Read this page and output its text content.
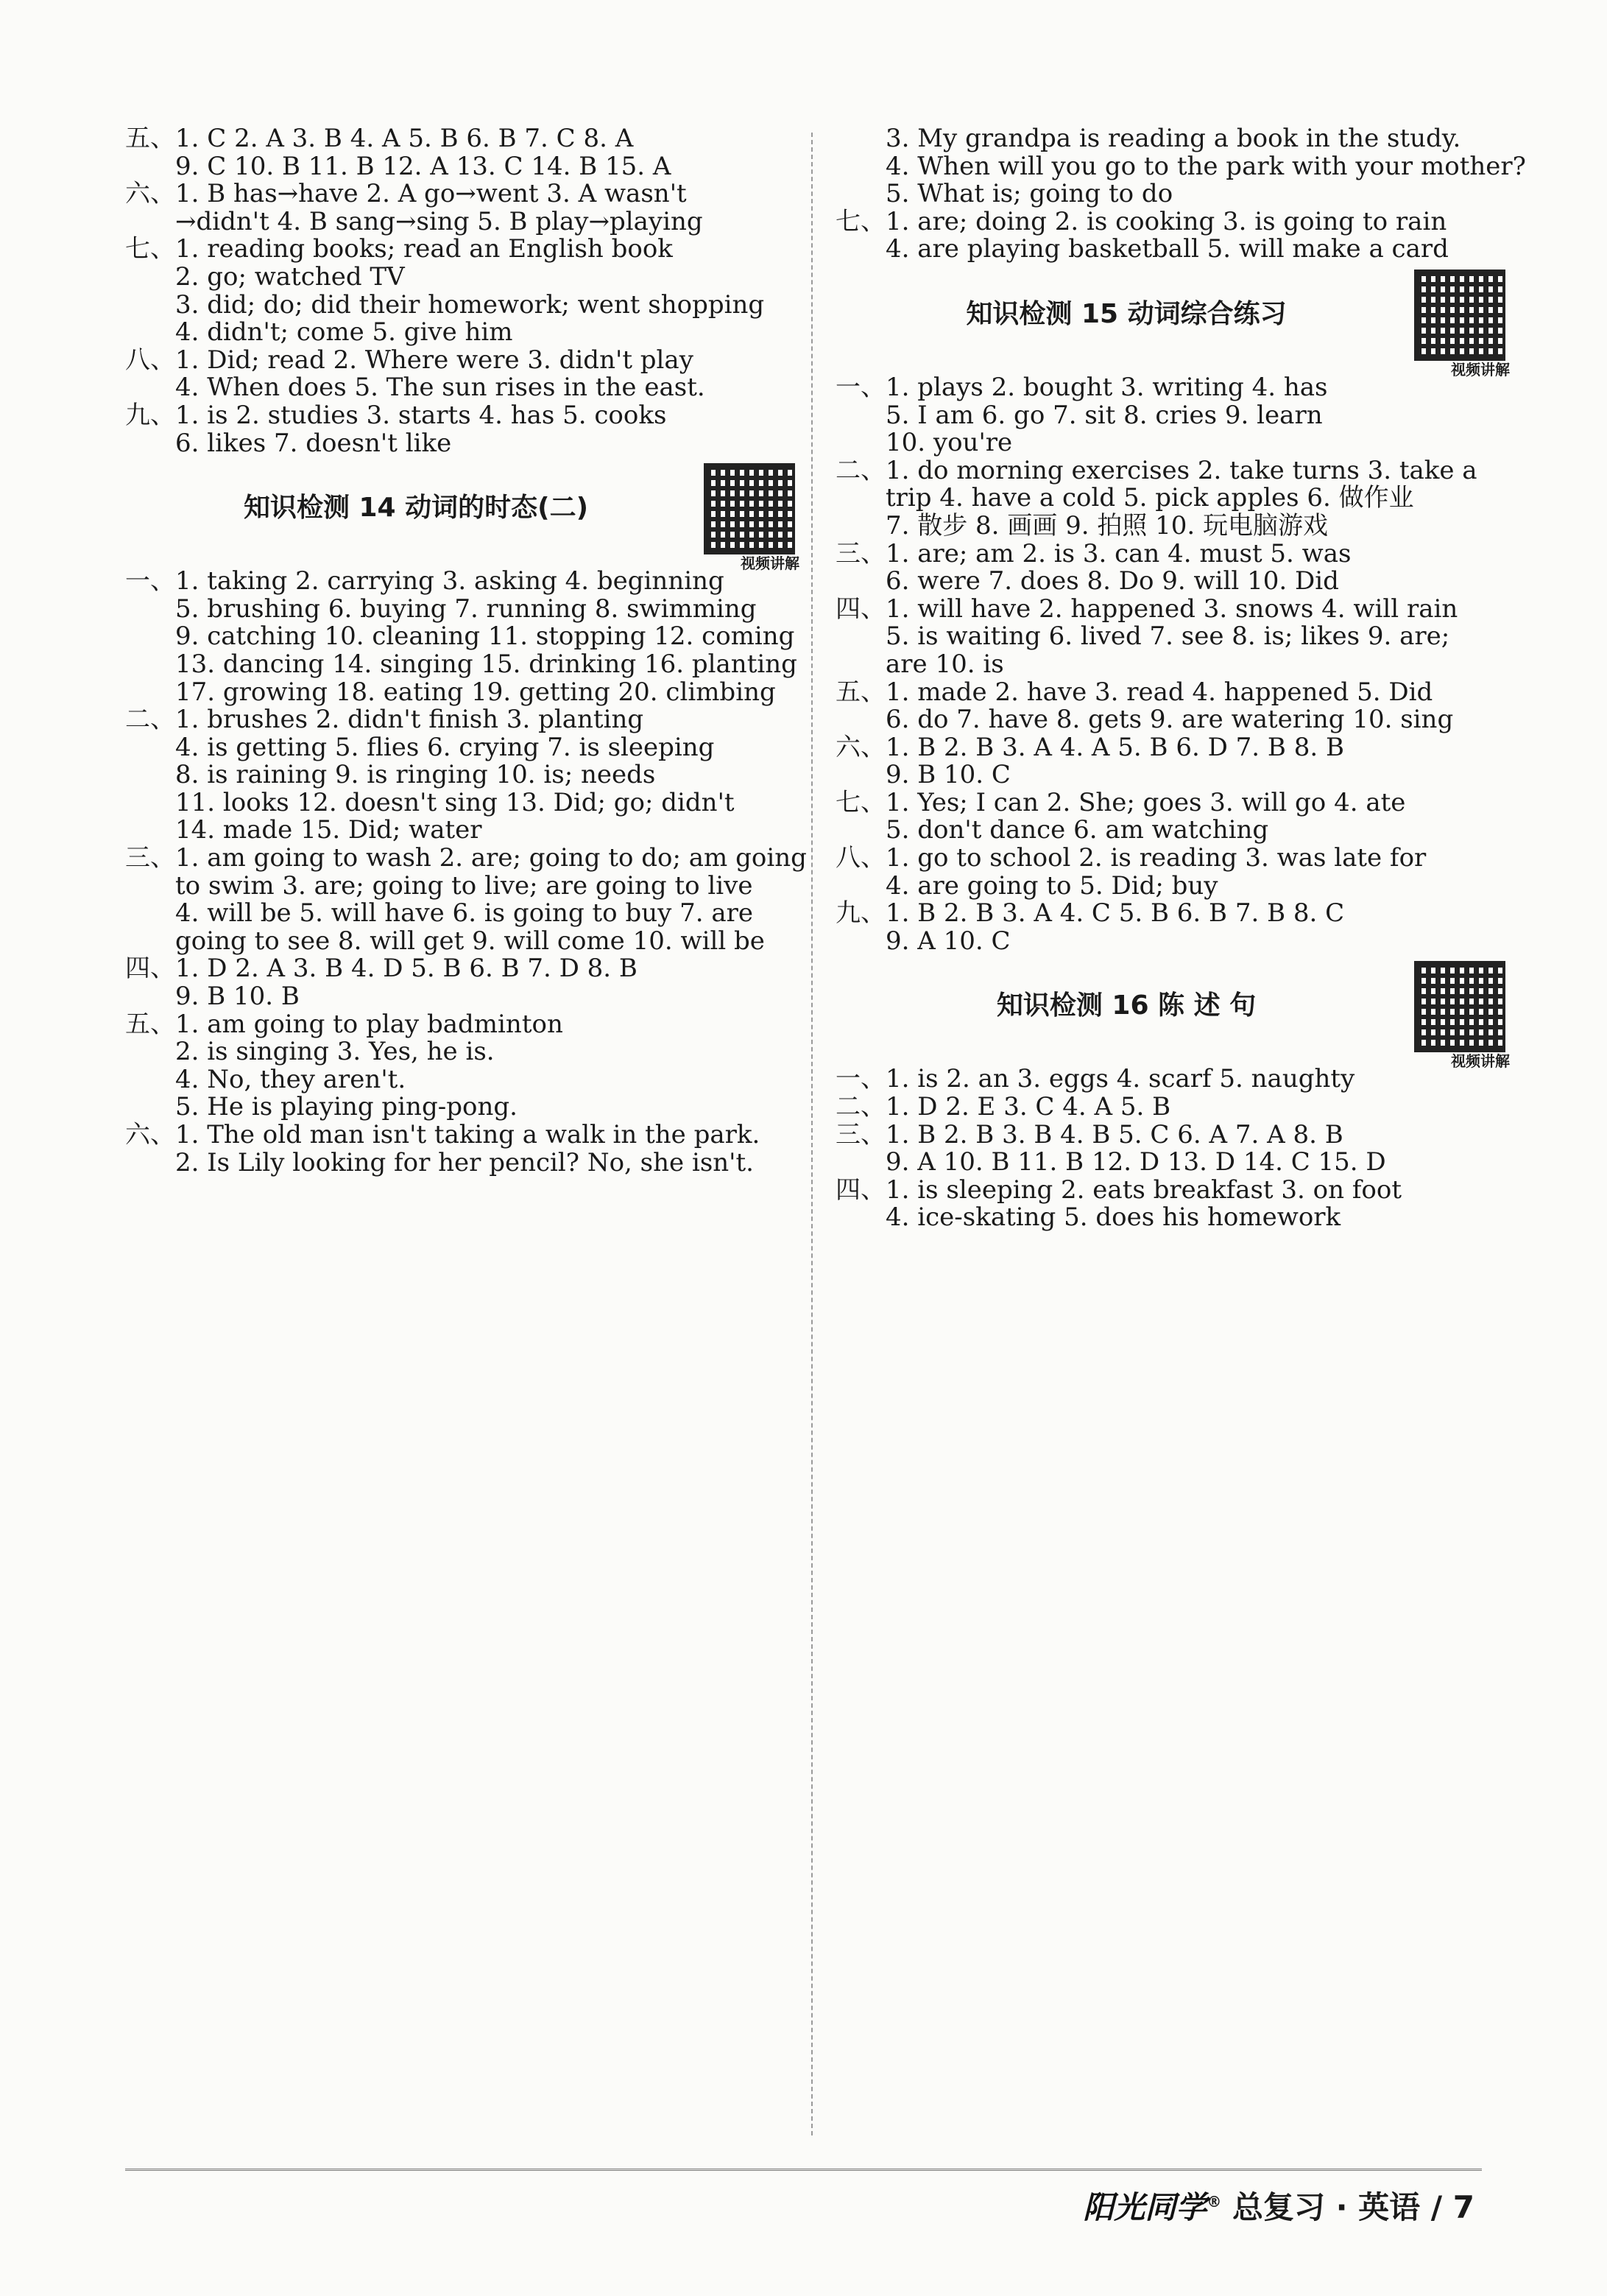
五、1. C 2. A 3. B 4. A 5. B 6. B 7. C 8. A

9. C 10. B 11. B 12. A 13. C 14. B 15. A

六、1. B has→have 2. A go→went 3. A wasn't

→didn't 4. B sang→sing 5. B play→playing

七、1. reading books; read an English book

2. go; watched TV

3. did; do; did their homework; went shopping

4. didn't; come 5. give him

八、1. Did; read 2. Where were 3. didn't play

4. When does 5. The sun rises in the east.

九、1. is 2. studies 3. starts 4. has 5. cooks

6. likes 7. doesn't like

知识检测 14 动词的时态(二)
视频讲解

一、1. taking 2. carrying 3. asking 4. beginning

5. brushing 6. buying 7. running 8. swimming

9. catching 10. cleaning 11. stopping 12. coming

13. dancing 14. singing 15. drinking 16. planting

17. growing 18. eating 19. getting 20. climbing

二、1. brushes 2. didn't finish 3. planting

4. is getting 5. flies 6. crying 7. is sleeping

8. is raining 9. is ringing 10. is; needs

11. looks 12. doesn't sing 13. Did; go; didn't

14. made 15. Did; water

三、1. am going to wash 2. are; going to do; am going

to swim 3. are; going to live; are going to live

4. will be 5. will have 6. is going to buy 7. are

going to see 8. will get 9. will come 10. will be

四、1. D 2. A 3. B 4. D 5. B 6. B 7. D 8. B

9. B 10. B

五、1. am going to play badminton

2. is singing 3. Yes, he is.

4. No, they aren't.

5. He is playing ping-pong.

六、1. The old man isn't taking a walk in the park.

2. Is Lily looking for her pencil? No, she isn't.

3. My grandpa is reading a book in the study.

4. When will you go to the park with your mother?

5. What is; going to do

七、1. are; doing 2. is cooking 3. is going to rain

4. are playing basketball 5. will make a card

知识检测 15 动词综合练习
视频讲解

一、1. plays 2. bought 3. writing 4. has

5. I am 6. go 7. sit 8. cries 9. learn

10. you're

二、1. do morning exercises 2. take turns 3. take a

trip 4. have a cold 5. pick apples 6. 做作业

7. 散步 8. 画画 9. 拍照 10. 玩电脑游戏

三、1. are; am 2. is 3. can 4. must 5. was

6. were 7. does 8. Do 9. will 10. Did

四、1. will have 2. happened 3. snows 4. will rain

5. is waiting 6. lived 7. see 8. is; likes 9. are;

are 10. is

五、1. made 2. have 3. read 4. happened 5. Did

6. do 7. have 8. gets 9. are watering 10. sing

六、1. B 2. B 3. A 4. A 5. B 6. D 7. B 8. B

9. B 10. C

七、1. Yes; I can 2. She; goes 3. will go 4. ate

5. don't dance 6. am watching

八、1. go to school 2. is reading 3. was late for

4. are going to 5. Did; buy

九、1. B 2. B 3. A 4. C 5. B 6. B 7. B 8. C

9. A 10. C

知识检测 16 陈 述 句
视频讲解

一、1. is 2. an 3. eggs 4. scarf 5. naughty

二、1. D 2. E 3. C 4. A 5. B

三、1. B 2. B 3. B 4. B 5. C 6. A 7. A 8. B

9. A 10. B 11. B 12. D 13. D 14. C 15. D

四、1. is sleeping 2. eats breakfast 3. on foot

4. ice-skating 5. does his homework

阳光同学® 总复习 · 英语 / 7
